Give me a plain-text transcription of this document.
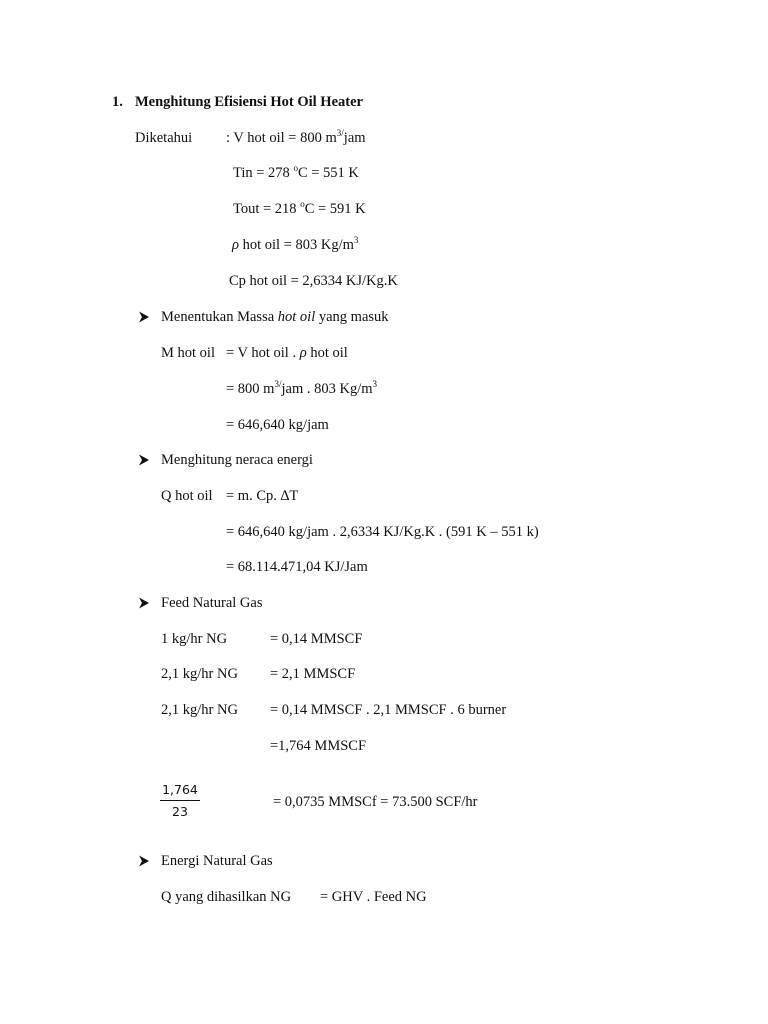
1. Menghitung Efisiensi Hot Oil Heater
Diketahui : V hot oil = 800 $m^{3/}jam$
Tin = 278 $^o$C = 551 K
Tout = 218 $^o$C = 591 K
ρ hot oil = 803 $Kg/m^3$
Cp hot oil = 2,6334 KJ/Kg.K
Menentukan Massa hot oil yang masuk
M hot oil = V hot oil . ρ hot oil
= 800 $m^{3/}jam$ . 803 $Kg/m^3$
= 646,640 kg/jam
Menghitung neraca energi
Q hot oil = m. Cp. ∆T
= 646,640 kg/jam . 2,6334 KJ/Kg.K . (591 K – 551 k)
= 68.114.471,04 KJ/Jam
Feed Natural Gas
1 kg/hr NG	= 0,14 MMSCF
2,1 kg/hr NG = 2,1 MMSCF
2,1 kg/hr NG = 0,14 MMSCF . 2,1 MMSCF . 6 burner
=1,764 MMSCF
1,764
23
= 0,0735 MMSCf = 73.500 SCF/hr
Energi Natural Gas
Q yang dihasilkan NG = GHV . Feed NG
